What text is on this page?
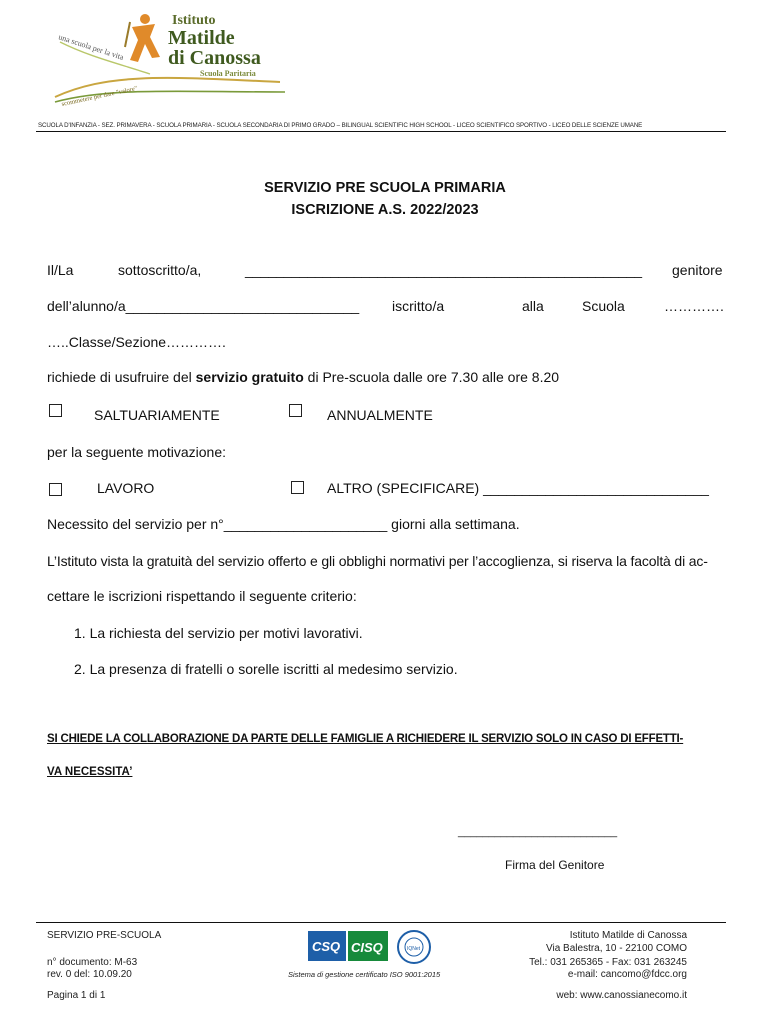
una scuola per la vita
scommetere per dare "valore"
Istituto
Matilde
di Canossa
Scuola Paritaria
SCUOLA D'INFANZIA - SEZ. PRIMAVERA - SCUOLA PRIMARIA - SCUOLA SECONDARIA DI PRIMO GRADO – BILINGUAL SCIENTIFIC HIGH SCHOOL - LICEO SCIENTIFICO SPORTIVO - LICEO DELLE SCIENZE UMANE
SERVIZIO PRE SCUOLA PRIMARIA
ISCRIZIONE A.S. 2022/2023
Il/La	sottoscritto/a,	___________________________________________________ genitore
dell’alunno/a______________________________ iscritto/a	alla	Scuola	………….
…..Classe/Sezione………….
richiede di usufruire del servizio gratuito di Pre-scuola dalle ore 7.30 alle ore 8.20
SALTUARIAMENTE	ANNUALMENTE
per la seguente motivazione:
LAVORO	ALTRO (SPECIFICARE) _____________________________
Necessito del servizio per n°_____________________ giorni alla settimana.
L’Istituto vista la gratuità del servizio offerto e gli obblighi normativi per l’accoglienza, si riserva la facoltà di ac-
cettare le iscrizioni rispettando il seguente criterio:
1. La richiesta del servizio per motivi lavorativi.
2. La presenza di fratelli o sorelle iscritti al medesimo servizio.
SI CHIEDE LA COLLABORAZIONE DA PARTE DELLE FAMIGLIE A RICHIEDERE IL SERVIZIO SOLO IN CASO DI EFFETTI-
VA NECESSITA’
__________________________
Firma del Genitore
SERVIZIO PRE-SCUOLA
n° documento: M-63
rev. 0 del: 10.09.20
Pagina 1 di 1
CSQ CISQ	IQNet
Sistema di gestione certificato ISO 9001:2015
Istituto Matilde di Canossa
Via Balestra, 10 - 22100 COMO
Tel.: 031 265365 - Fax: 031 263245
e-mail: cancomo@fdcc.org
web: www.canossianecomo.it
